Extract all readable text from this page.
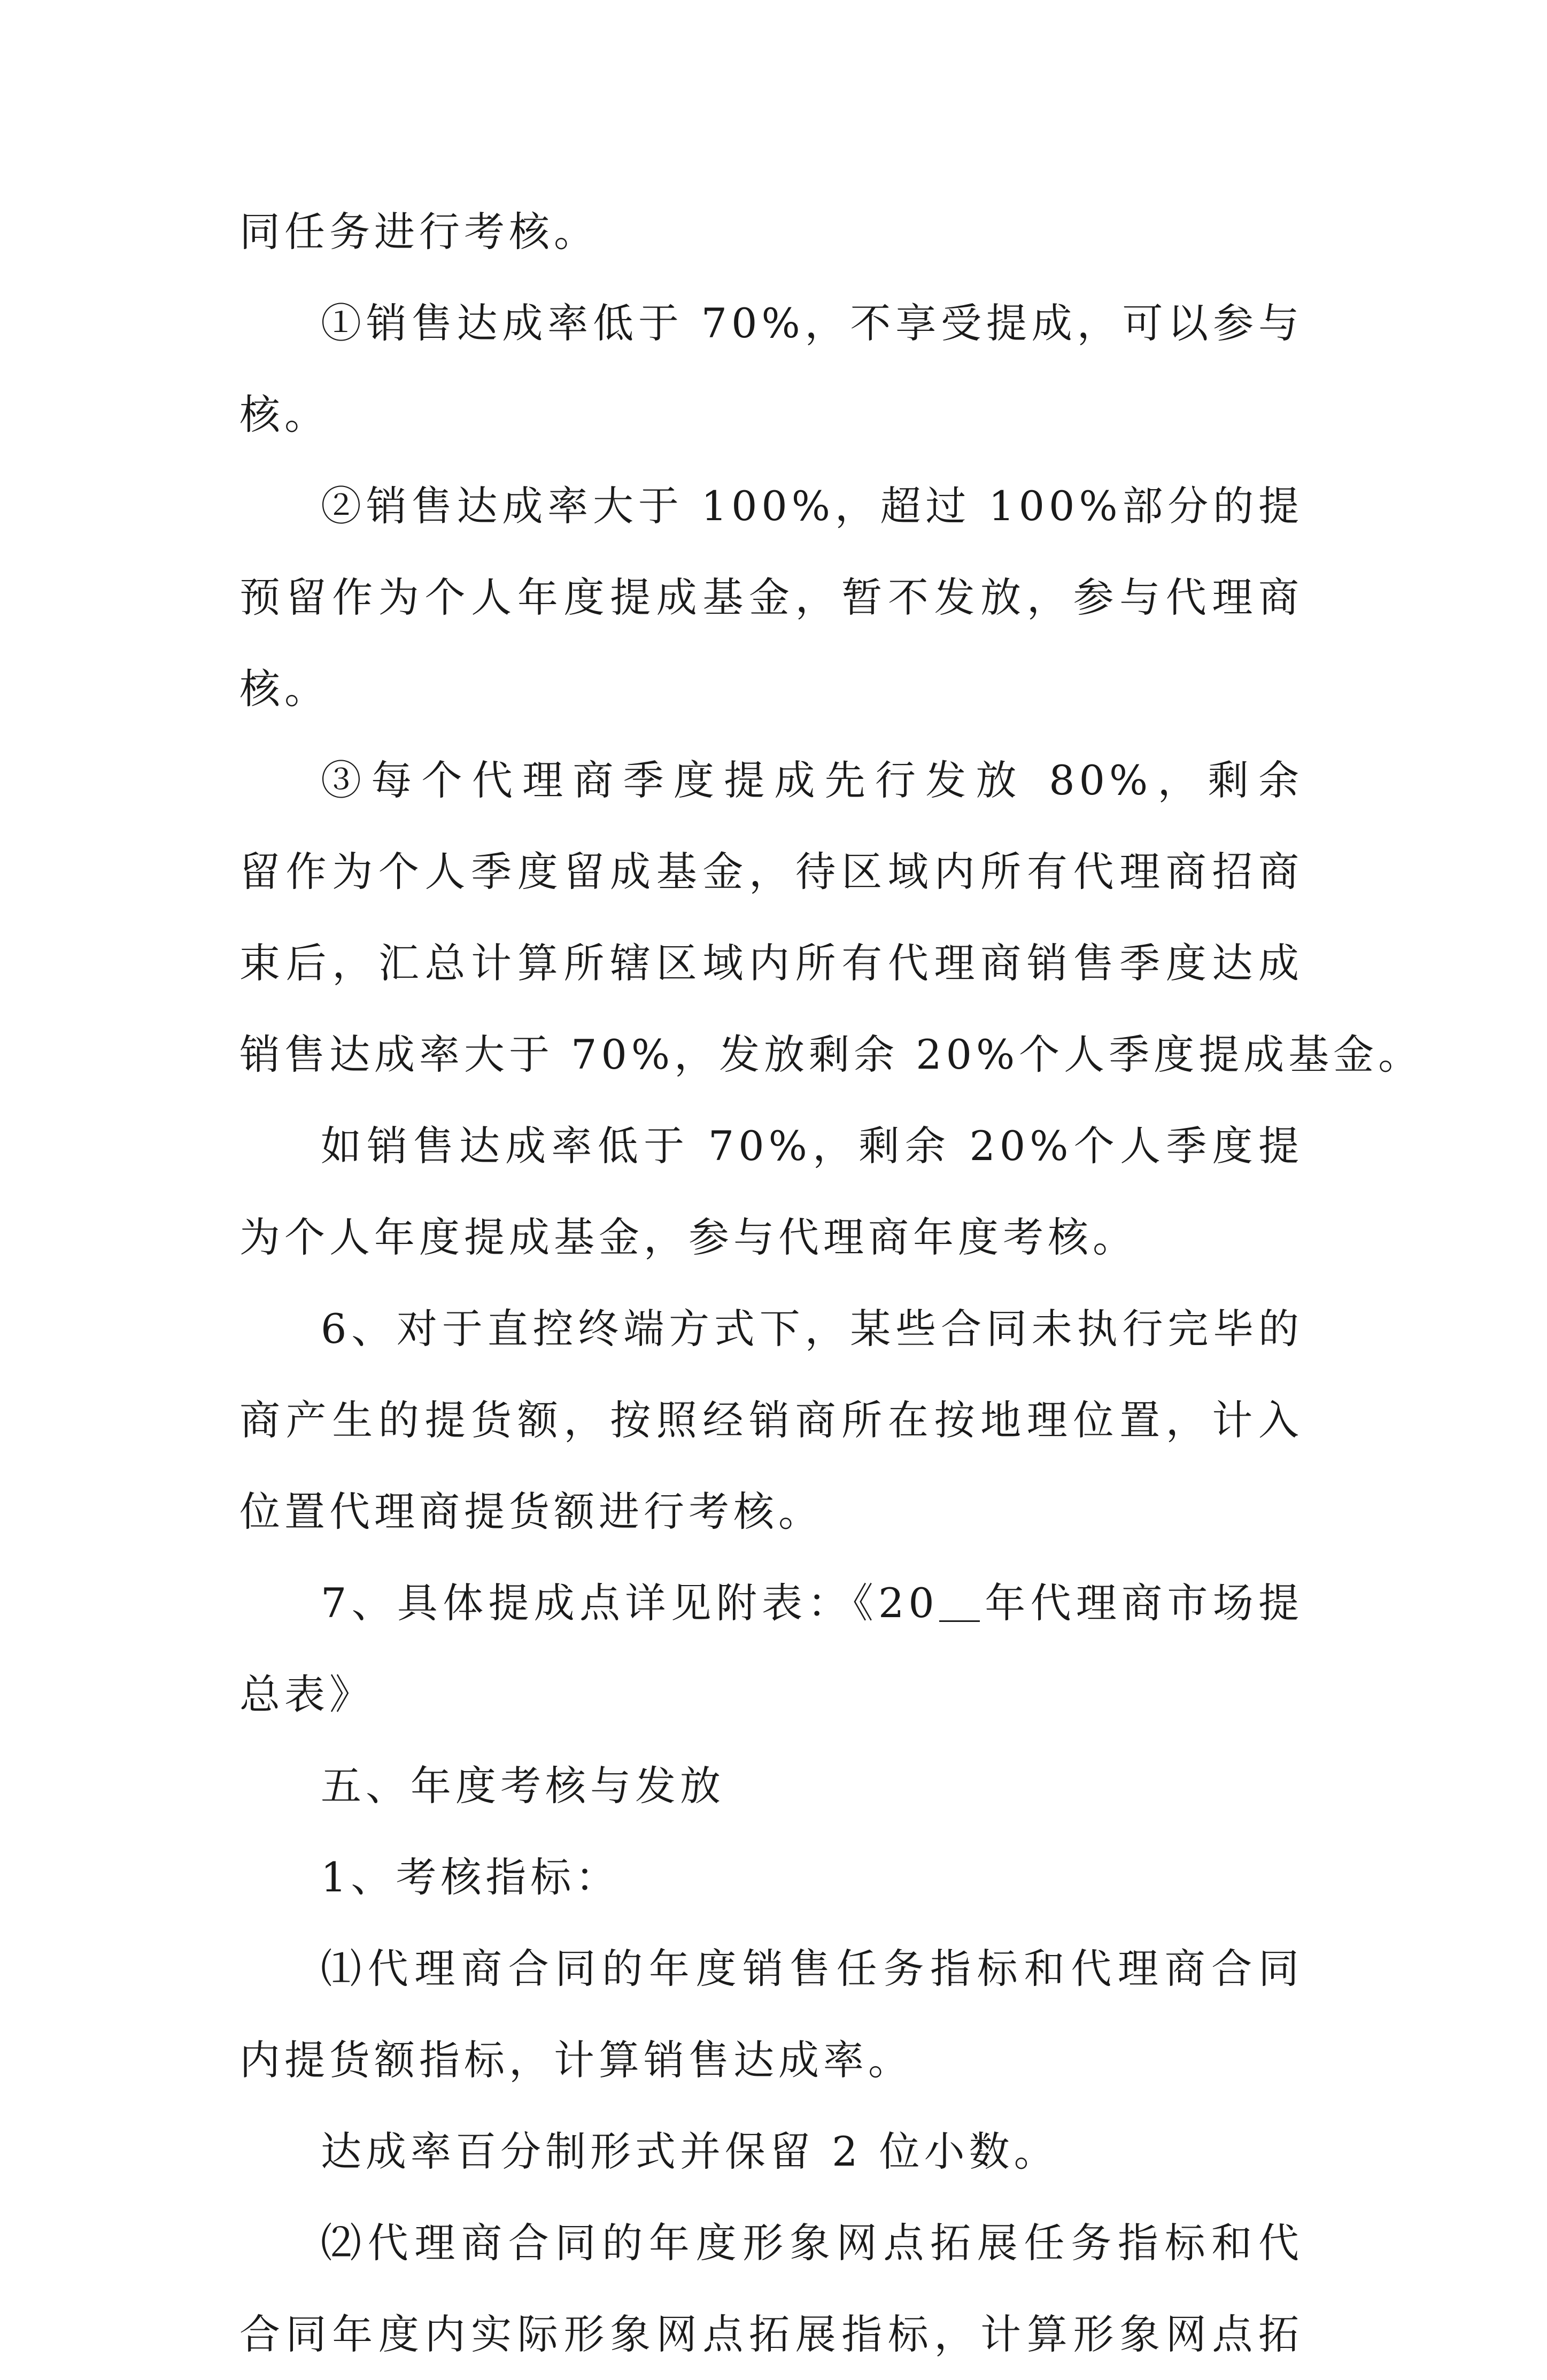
同任务进行考核。
①销售达成率低于 70%，不享受提成，可以参与
核。
②销售达成率大于 100%，超过 100%部分的提
预留作为个人年度提成基金，暂不发放，参与代理商
核。
③每个代理商季度提成先行发放 80%，剩余
留作为个人季度留成基金，待区域内所有代理商招商
束后，汇总计算所辖区域内所有代理商销售季度达成
销售达成率大于 70%，发放剩余 20%个人季度提成基金。
如销售达成率低于 70%，剩余 20%个人季度提
为个人年度提成基金，参与代理商年度考核。
6、对于直控终端方式下，某些合同未执行完毕的
商产生的提货额，按照经销商所在按地理位置，计入
位置代理商提货额进行考核。
7、具体提成点详见附表：《20＿年代理商市场提
总表》
五、年度考核与发放
1、考核指标：
⑴代理商合同的年度销售任务指标和代理商合同
内提货额指标，计算销售达成率。
达成率百分制形式并保留 2 位小数。
⑵代理商合同的年度形象网点拓展任务指标和代
合同年度内实际形象网点拓展指标，计算形象网点拓
